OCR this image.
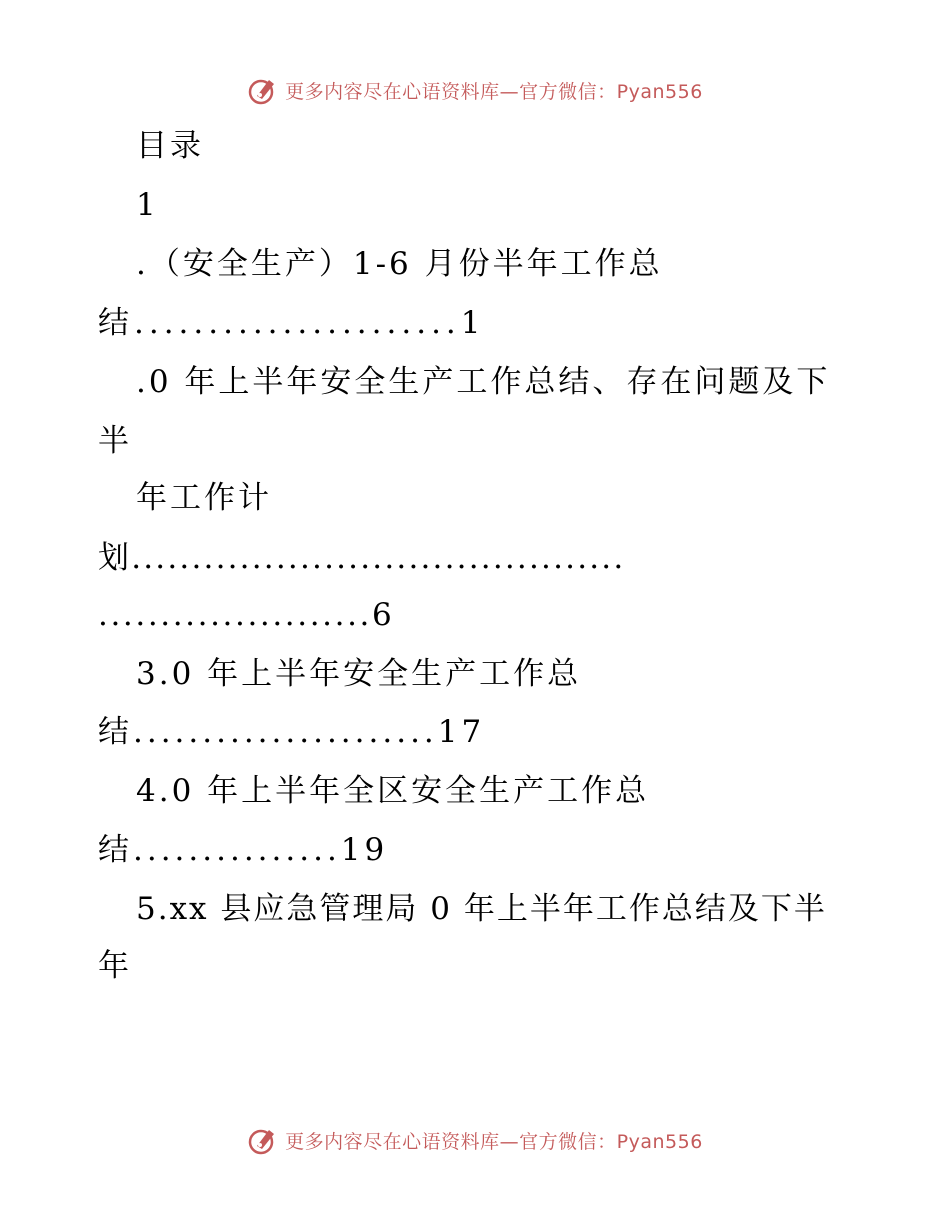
更多内容尽在心语资料库—官方微信：Pyan556
目录
1
.（安全生产）1-6 月份半年工作总
结......................1
.0 年上半年安全生产工作总结、存在问题及下
半
年工作计
划.........................................
......................6
3.0 年上半年安全生产工作总
结......................17
4.0 年上半年全区安全生产工作总
结...............19
5.xx 县应急管理局 0 年上半年工作总结及下半
年
更多内容尽在心语资料库—官方微信：Pyan556
